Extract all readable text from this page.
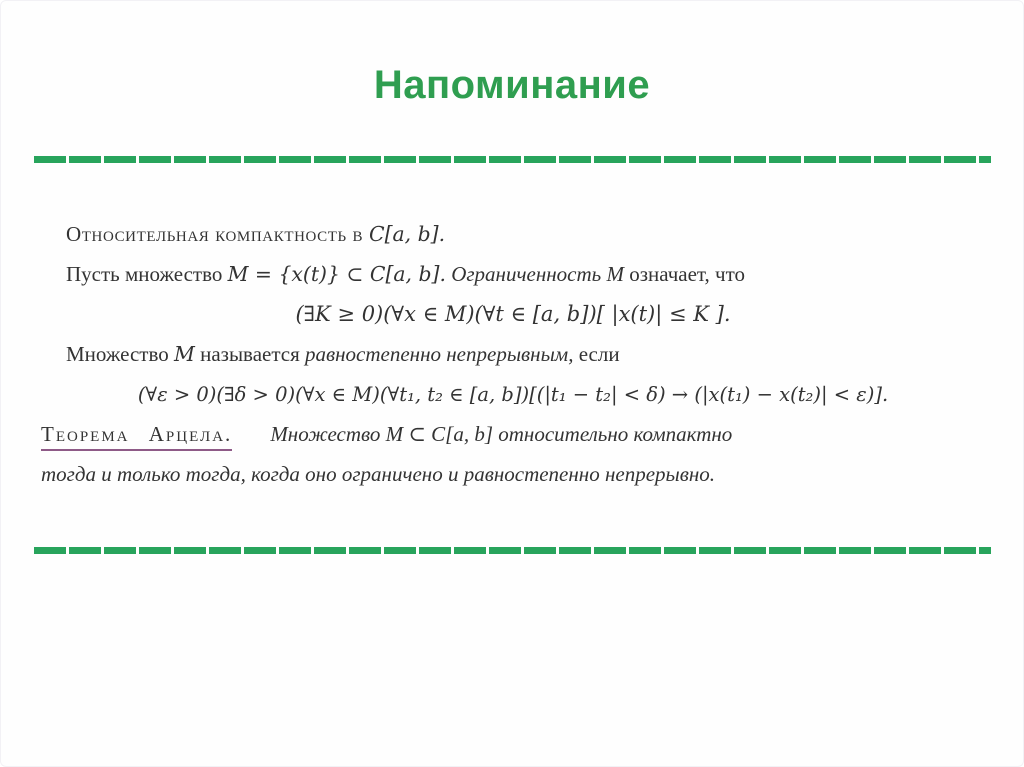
Напоминание

Относительная компактность в C[a, b].

Пусть множество M = {x(t)} ⊂ C[a, b]. Ограниченность M означает, что

(∃K ≥ 0)(∀x ∈ M)(∀t ∈ [a, b])[ |x(t)| ≤ K ].

Множество M называется равностепенно непрерывным, если

(∀ε > 0)(∃δ > 0)(∀x ∈ M)(∀t₁, t₂ ∈ [a, b])[(|t₁ − t₂| < δ) → (|x(t₁) − x(t₂)| < ε)].

Теорема Арцела. Множество M ⊂ C[a, b] относительно компактно

тогда и только тогда, когда оно ограничено и равностепенно непрерывно.
